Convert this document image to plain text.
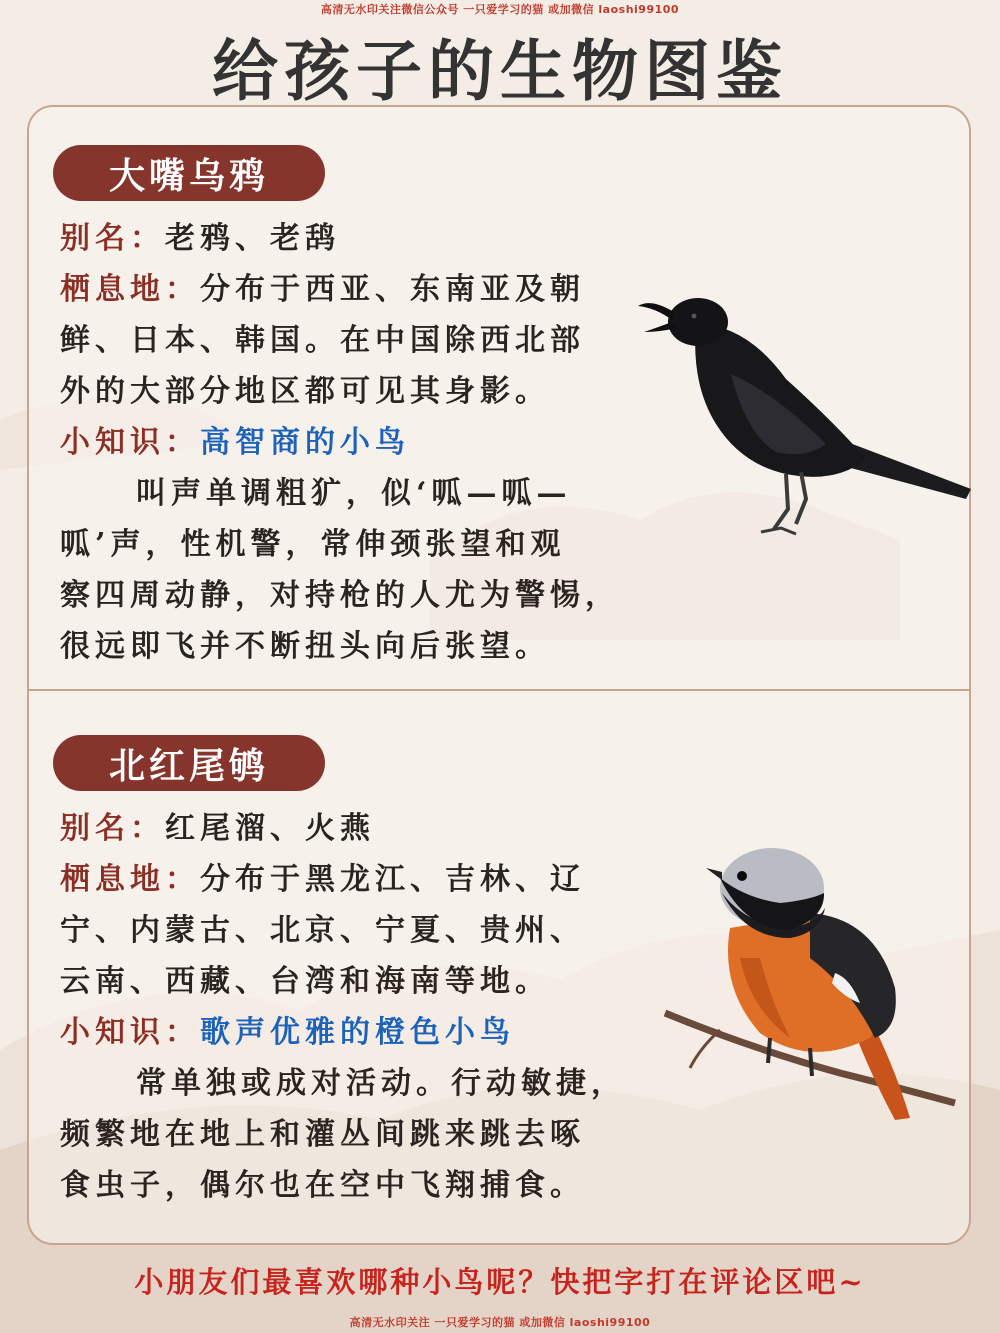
高清无水印关注微信公众号 一只爱学习的猫 或加微信 laoshi99100
给孩子的生物图鉴
大嘴乌鸦
别名：老鸦、老鸹
栖息地：分布于西亚、东南亚及朝
鲜、日本、韩国。在中国除西北部
外的大部分地区都可见其身影。
小知识：高智商的小鸟
叫声单调粗犷，似‘呱—呱—
呱’声，性机警，常伸颈张望和观
察四周动静，对持枪的人尤为警惕，
很远即飞并不断扭头向后张望。
北红尾鸲
别名：红尾溜、火燕
栖息地：分布于黑龙江、吉林、辽
宁、内蒙古、北京、宁夏、贵州、
云南、西藏、台湾和海南等地。
小知识：歌声优雅的橙色小鸟
常单独或成对活动。行动敏捷，
频繁地在地上和灌丛间跳来跳去啄
食虫子，偶尔也在空中飞翔捕食。
小朋友们最喜欢哪种小鸟呢？快把字打在评论区吧~
高清无水印关注 一只爱学习的猫 或加微信 laoshi99100
